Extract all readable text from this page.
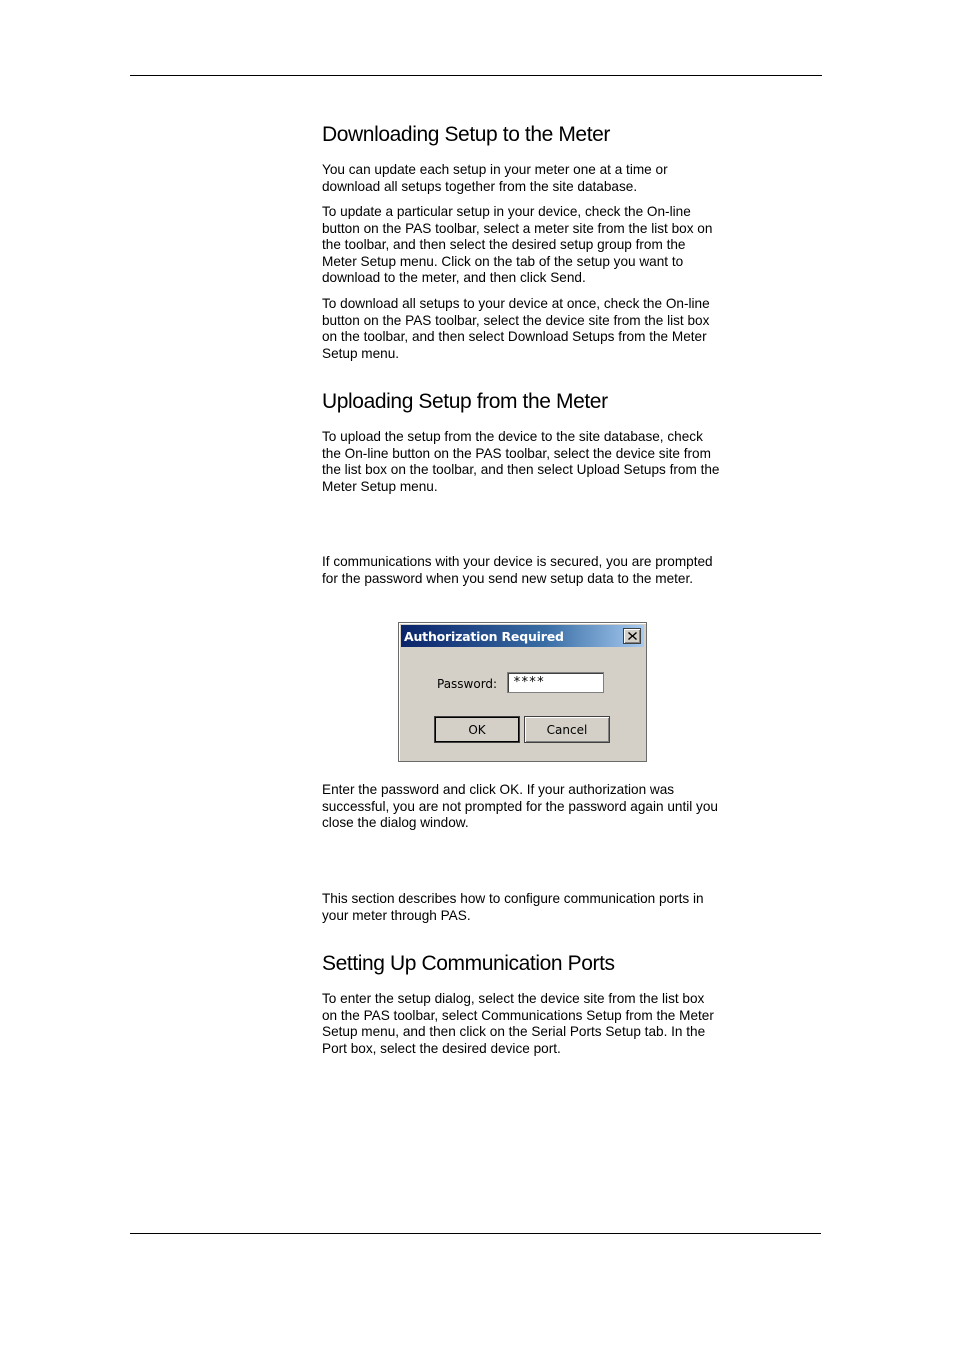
Downloading Setup to the Meter

You can update each setup in your meter one at a time or download all setups together from the site database.

To update a particular setup in your device, check the On-line button on the PAS toolbar, select a meter site from the list box on the toolbar, and then select the desired setup group from the Meter Setup menu. Click on the tab of the setup you want to download to the meter, and then click Send.

To download all setups to your device at once, check the On-line button on the PAS toolbar, select the device site from the list box on the toolbar, and then select Download Setups from the Meter Setup menu.

Uploading Setup from the Meter

To upload the setup from the device to the site database, check the On-line button on the PAS toolbar, select the device site from the list box on the toolbar, and then select Upload Setups from the Meter Setup menu.

If communications with your device is secured, you are prompted for the password when you send new setup data to the meter.

Authorization Required
Password:	****
OK	Cancel

Enter the password and click OK. If your authorization was successful, you are not prompted for the password again until you close the dialog window.

This section describes how to configure communication ports in your meter through PAS.

Setting Up Communication Ports

To enter the setup dialog, select the device site from the list box on the PAS toolbar, select Communications Setup from the Meter Setup menu, and then click on the Serial Ports Setup tab. In the Port box, select the desired device port.
